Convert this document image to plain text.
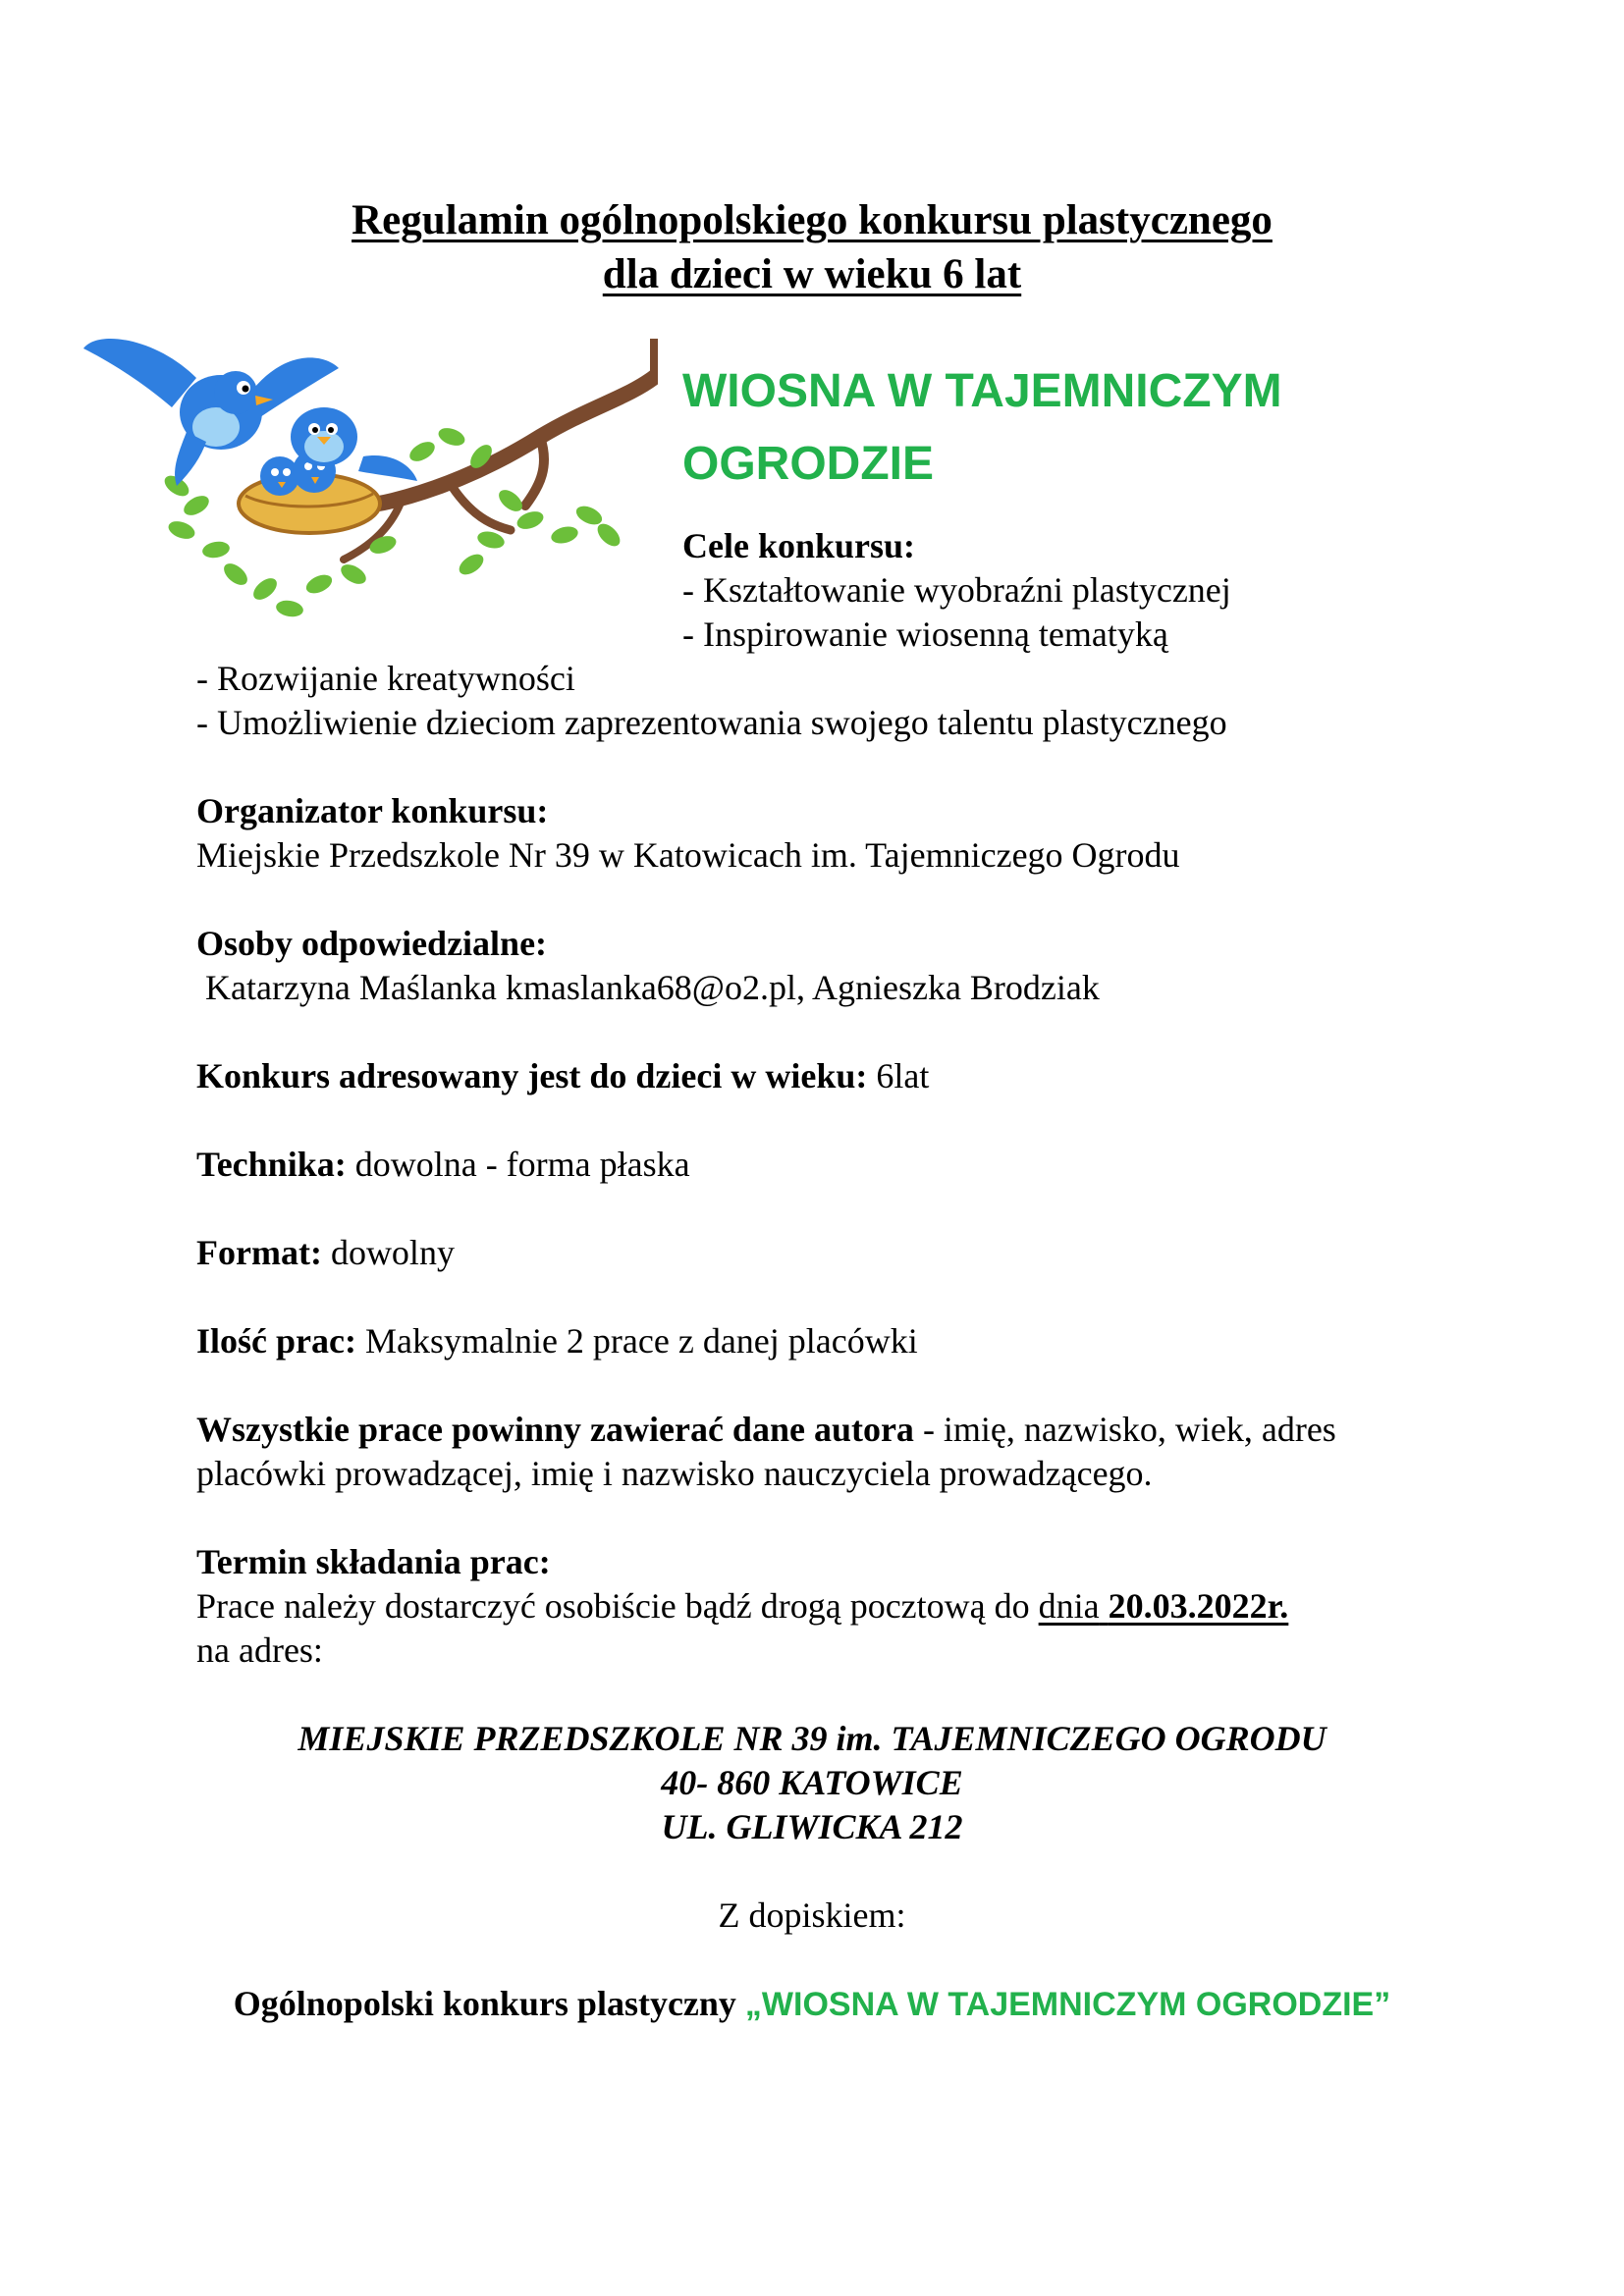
Regulamin ogólnopolskiego konkursu plastycznego
dla dzieci w wieku 6 lat
WIOSNA W TAJEMNICZYM
OGRODZIE
Cele konkursu:
- Kształtowanie wyobraźni plastycznej
- Inspirowanie wiosenną tematyką
- Rozwijanie kreatywności
- Umożliwienie dzieciom zaprezentowania swojego talentu plastycznego
Organizator konkursu:
Miejskie Przedszkole Nr 39 w Katowicach im. Tajemniczego Ogrodu
Osoby odpowiedzialne:
Katarzyna Maślanka kmaslanka68@o2.pl, Agnieszka Brodziak
Konkurs adresowany jest do dzieci w wieku: 6lat
Technika: dowolna - forma płaska
Format: dowolny
Ilość prac: Maksymalnie 2 prace z danej placówki
Wszystkie prace powinny zawierać dane autora - imię, nazwisko, wiek, adres
placówki prowadzącej, imię i nazwisko nauczyciela prowadzącego.
Termin składania prac:
Prace należy dostarczyć osobiście bądź drogą pocztową do dnia 20.03.2022r.
na adres:
MIEJSKIE PRZEDSZKOLE NR 39 im. TAJEMNICZEGO OGRODU
40- 860 KATOWICE
UL. GLIWICKA 212
Z dopiskiem:
Ogólnopolski konkurs plastyczny „WIOSNA W TAJEMNICZYM OGRODZIE”
